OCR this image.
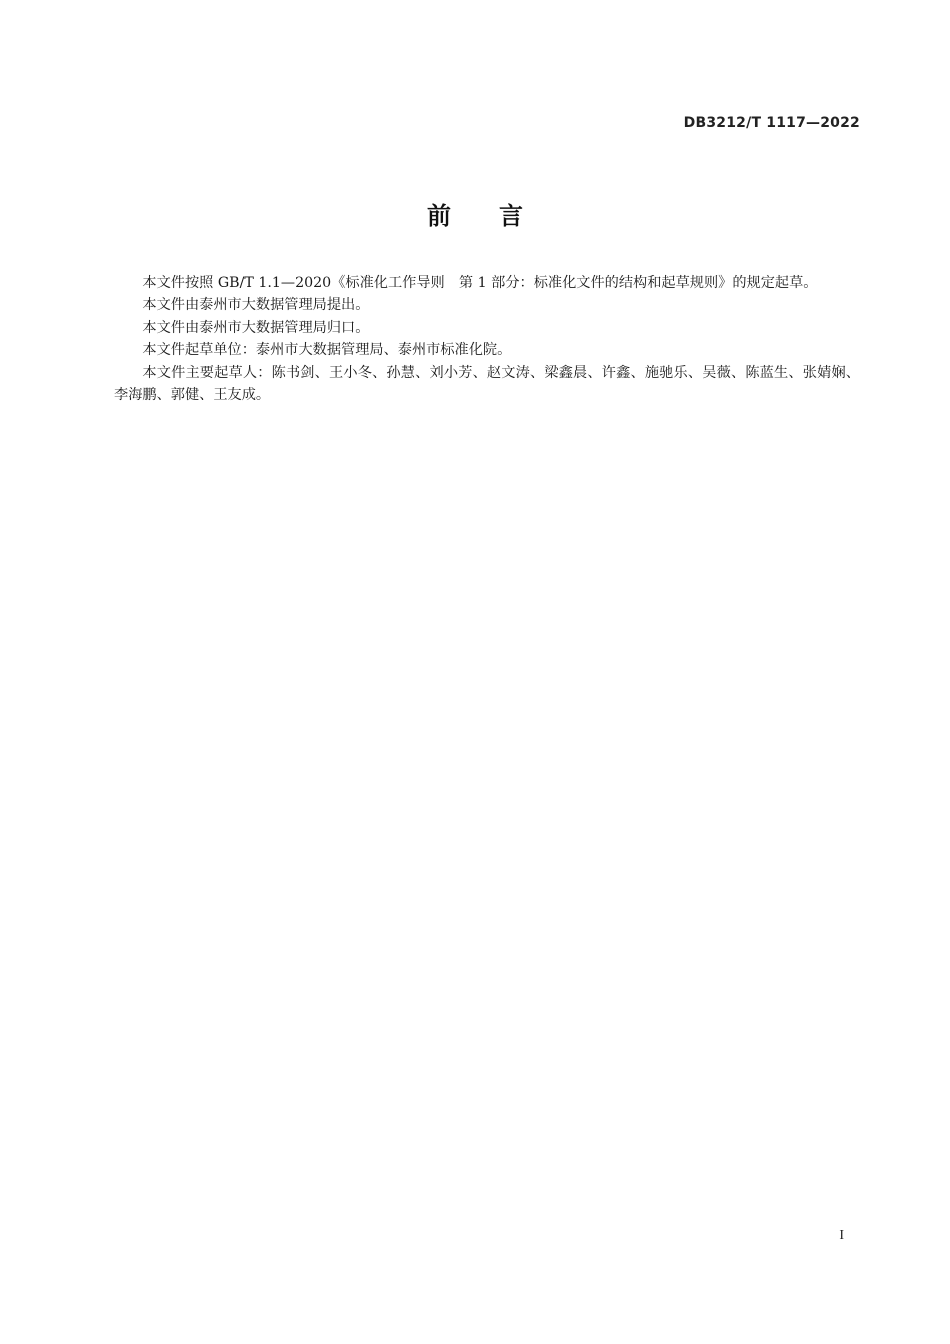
DB3212/T 1117—2022
前 言

本文件按照 GB/T 1.1—2020《标准化工作导则　第 1 部分：标准化文件的结构和起草规则》的规定起草。

本文件由泰州市大数据管理局提出。

本文件由泰州市大数据管理局归口。

本文件起草单位：泰州市大数据管理局、泰州市标准化院。

本文件主要起草人：陈书剑、王小冬、孙慧、刘小芳、赵文涛、梁鑫晨、许鑫、施驰乐、吴薇、陈蓝生、张婧娴、李海鹏、郭健、王友成。

I
